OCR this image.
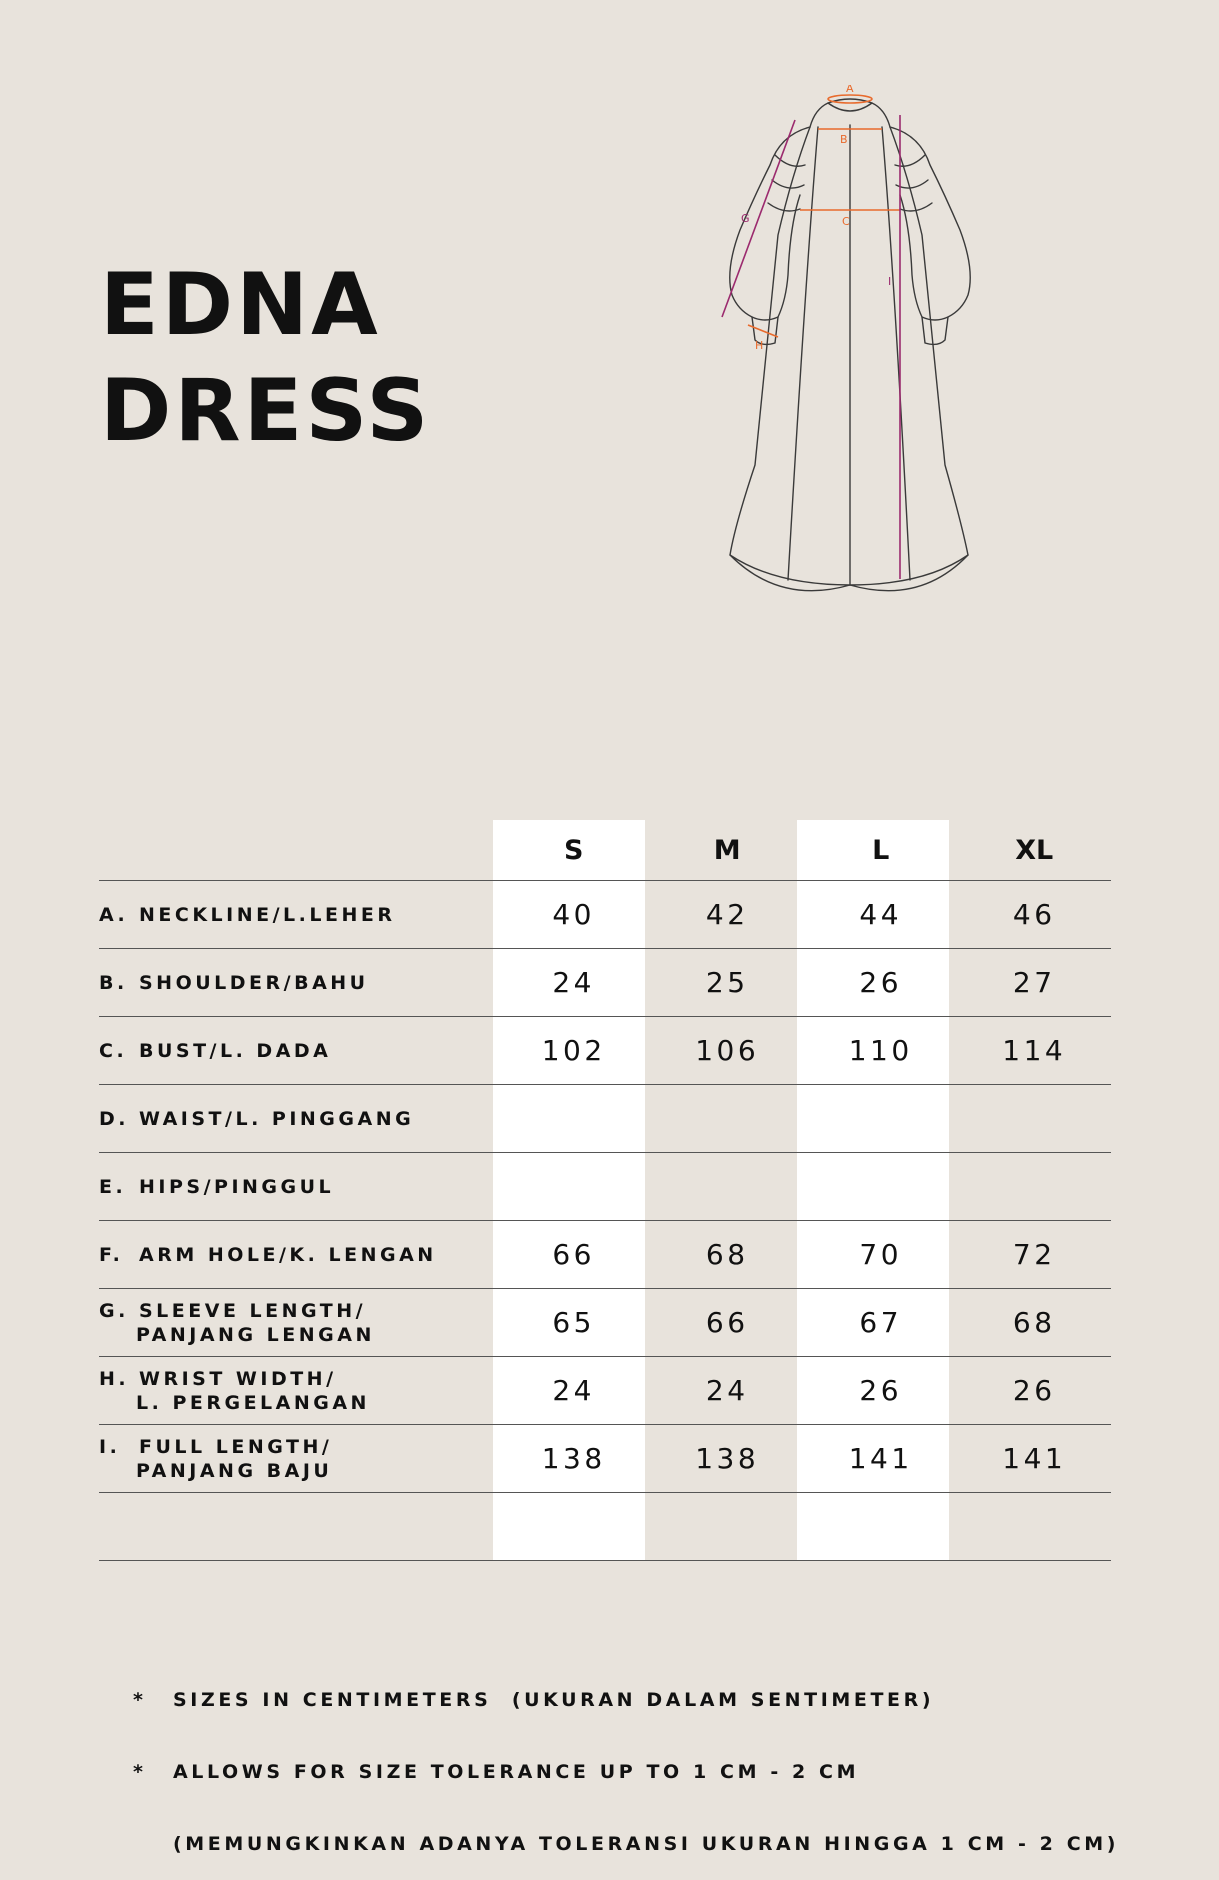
EDNA
DRESS
A
B
C
G
H
I
	S	M	L	XL
A. NECKLINE/L.LEHER	40	42	44	46
B. SHOULDER/BAHU	24	25	26	27
C. BUST/L. DADA	102	106	110	114
D. WAIST/L. PINGGANG				
E. HIPS/PINGGUL				
F. ARM HOLE/K. LENGAN	66	68	70	72
G. SLEEVE LENGTH/
PANJANG LENGAN	65	66	67	68
H. WRIST WIDTH/
L. PERGELANGAN	24	24	26	26
I. FULL LENGTH/
PANJANG BAJU	138	138	141	141

* SIZES IN CENTIMETERS  (UKURAN DALAM SENTIMETER)

* ALLOWS FOR SIZE TOLERANCE UP TO 1 CM - 2 CM

(MEMUNGKINKAN ADANYA TOLERANSI UKURAN HINGGA 1 CM - 2 CM)
